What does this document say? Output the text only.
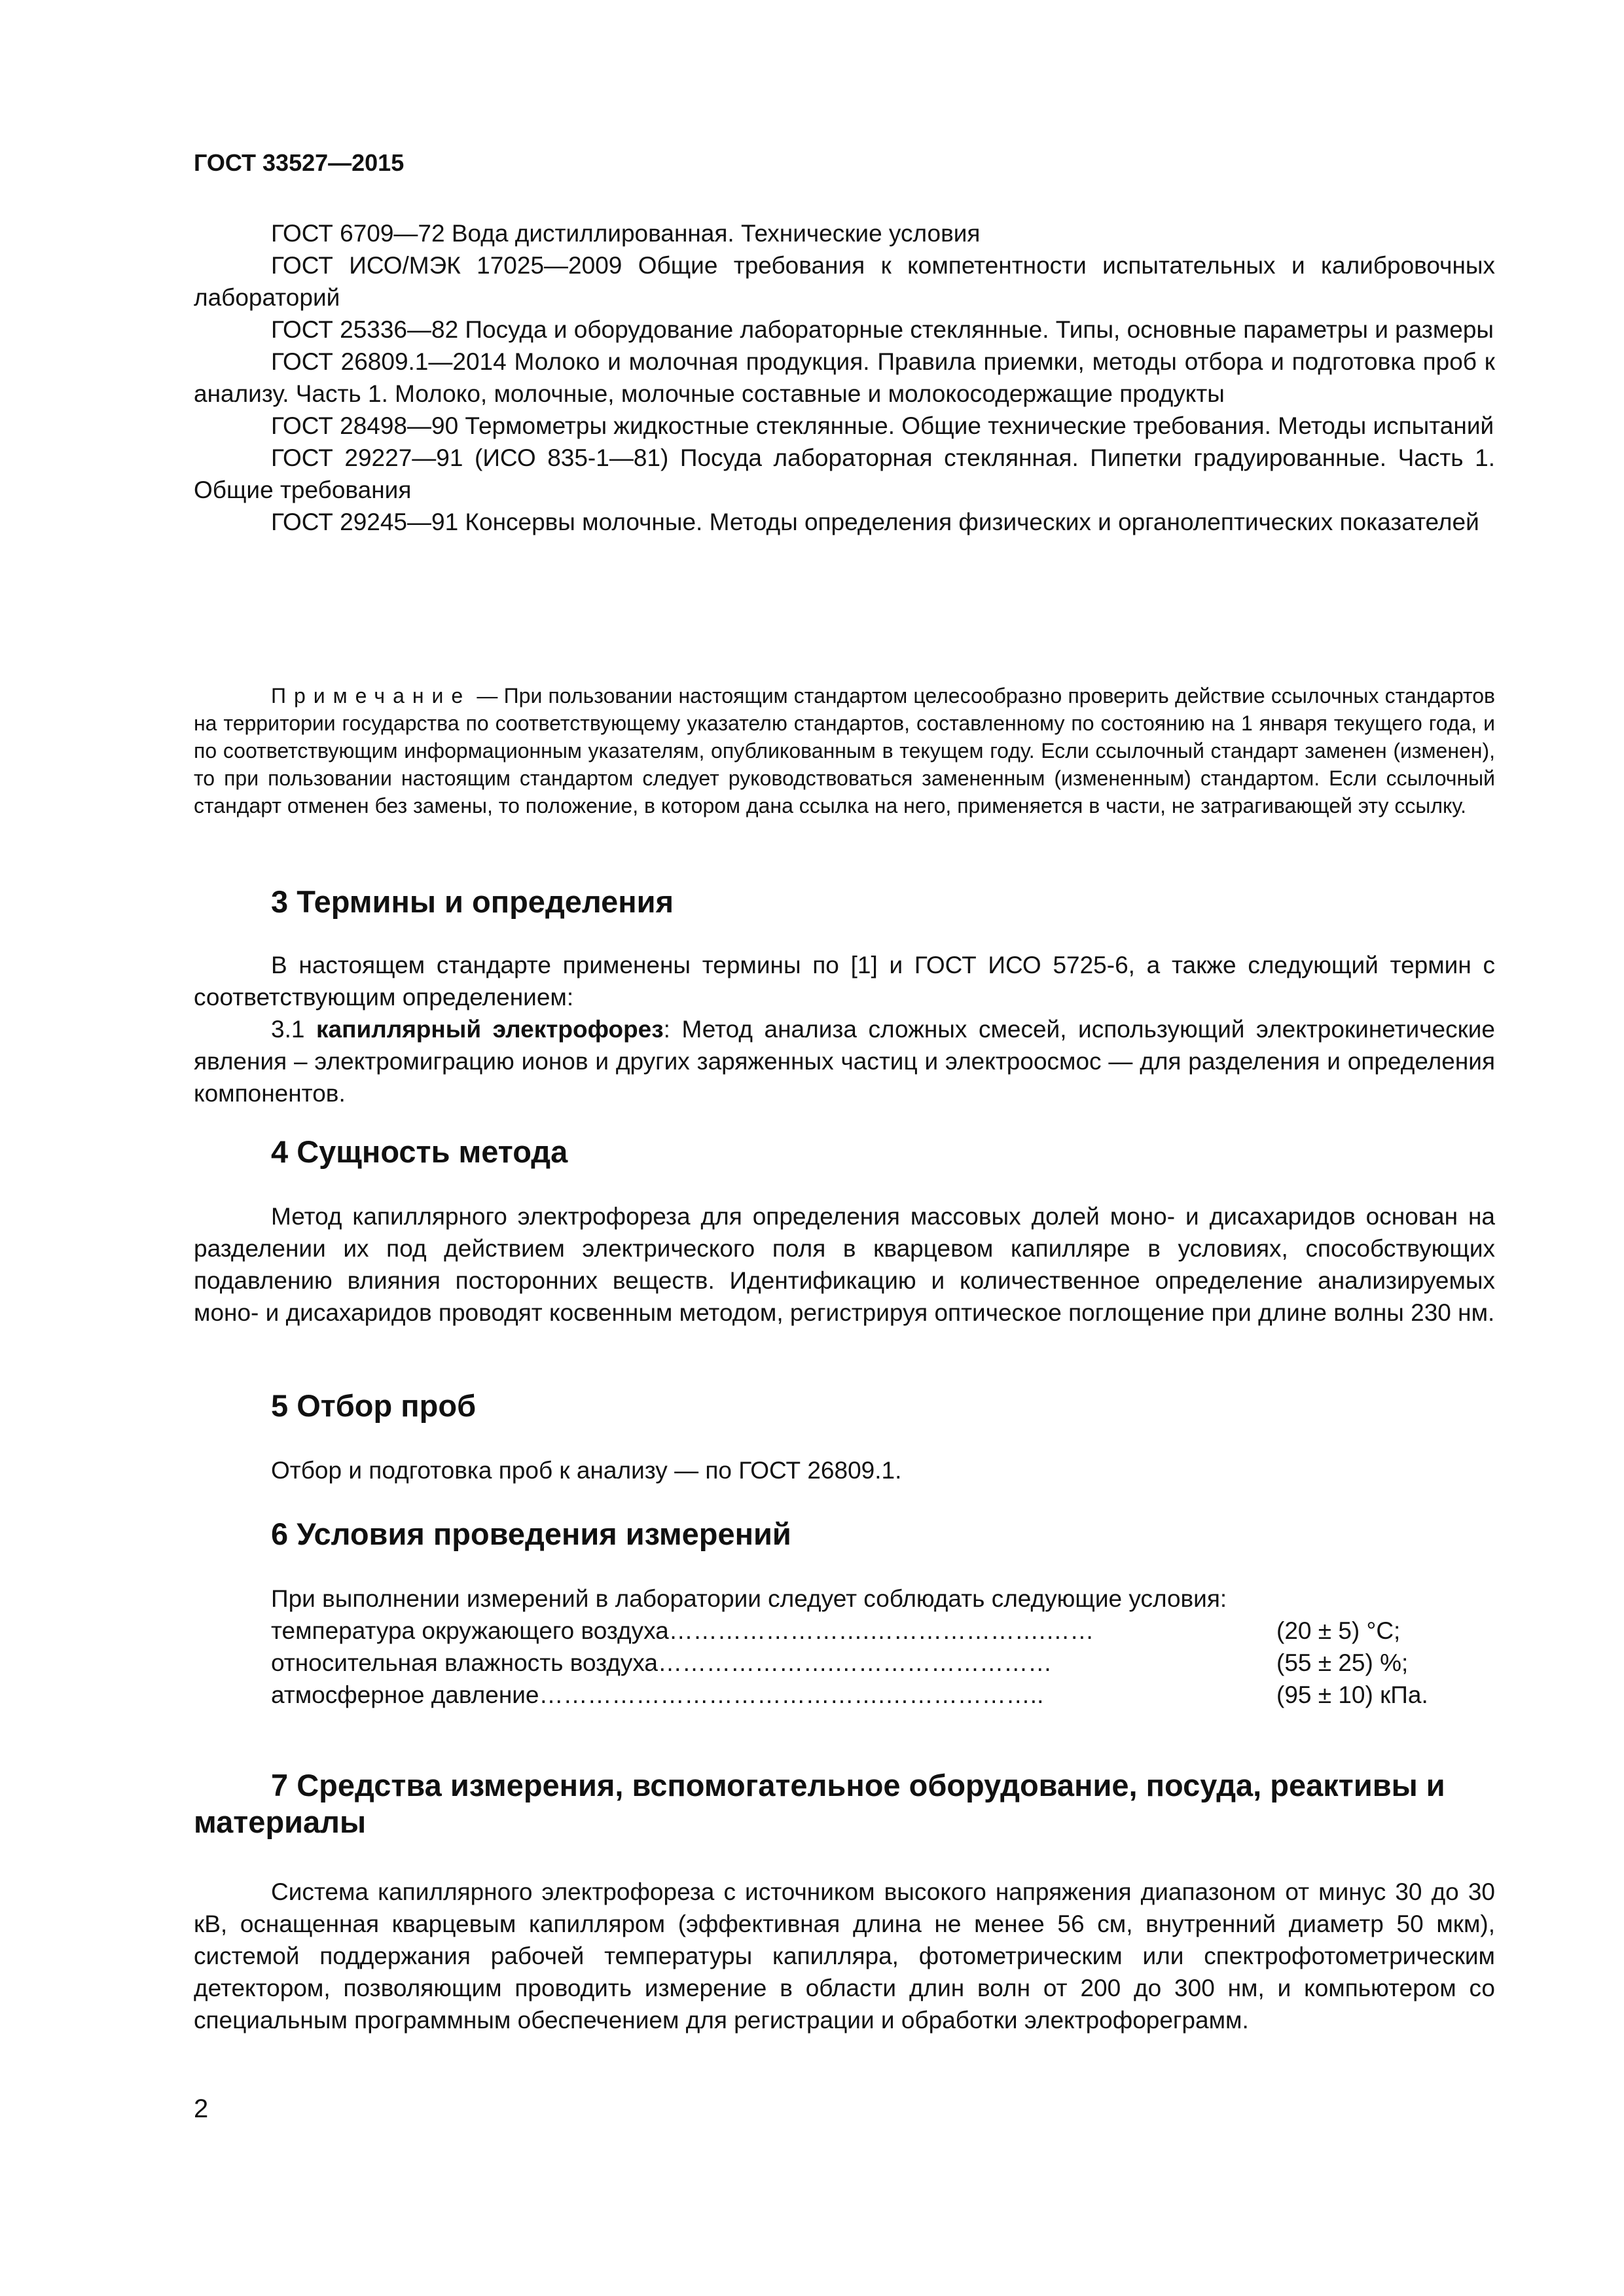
ГОСТ 33527—2015

ГОСТ 6709—72 Вода дистиллированная. Технические условия

ГОСТ ИСО/МЭК 17025—2009 Общие требования к компетентности испытательных и калибровочных лабораторий

ГОСТ 25336—82 Посуда и оборудование лабораторные стеклянные. Типы, основные параметры и размеры

ГОСТ 26809.1—2014 Молоко и молочная продукция. Правила приемки, методы отбора и подготовка проб к анализу. Часть 1. Молоко, молочные, молочные составные и молокосодержащие продукты

ГОСТ 28498—90 Термометры жидкостные стеклянные. Общие технические требования. Методы испытаний

ГОСТ 29227—91 (ИСО 835-1—81) Посуда лабораторная стеклянная. Пипетки градуированные. Часть 1. Общие требования

ГОСТ 29245—91 Консервы молочные. Методы определения физических и органолептических показателей

Примечание — При пользовании настоящим стандартом целесообразно проверить действие ссылочных стандартов на территории государства по соответствующему указателю стандартов, составленному по состоянию на 1 января текущего года, и по соответствующим информационным указателям, опубликованным в текущем году. Если ссылочный стандарт заменен (изменен), то при пользовании настоящим стандартом следует руководствоваться замененным (измененным) стандартом. Если ссылочный стандарт отменен без замены, то положение, в котором дана ссылка на него, применяется в части, не затрагивающей эту ссылку.

3 Термины и определения

В настоящем стандарте применены термины по [1] и ГОСТ ИСО 5725-6, а также следующий термин с соответствующим определением:

3.1 капиллярный электрофорез: Метод анализа сложных смесей, использующий электрокинетические явления – электромиграцию ионов и других заряженных частиц и электроосмос — для разделения и определения компонентов.

4 Сущность метода

Метод капиллярного электрофореза для определения массовых долей моно- и дисахаридов основан на разделении их под действием электрического поля в кварцевом капилляре в условиях, способствующих подавлению влияния посторонних веществ. Идентификацию и количественное определение анализируемых моно- и дисахаридов проводят косвенным методом, регистрируя оптическое поглощение при длине волны 230 нм.

5 Отбор проб

Отбор и подготовка проб к анализу — по ГОСТ 26809.1.

6 Условия проведения измерений

При выполнении измерений в лаборатории следует соблюдать следующие условия:

температура окружающего воздуха…………………….………………….……	(20 ± 5) °С;
относительная влажность воздуха………………….………………………	(55 ± 25) %;
атмосферное давление…………………………………….………………..	(95 ± 10) кПа.
7 Средства измерения, вспомогательное оборудование, посуда, реактивы и материалы

Система капиллярного электрофореза с источником высокого напряжения диапазоном от минус 30 до 30 кВ, оснащенная кварцевым капилляром (эффективная длина не менее 56 см, внутренний диаметр 50 мкм), системой поддержания рабочей температуры капилляра, фотометрическим или спектрофотометрическим детектором, позволяющим проводить измерение в области длин волн от 200 до 300 нм, и компьютером со специальным программным обеспечением для регистрации и обработки электрофореграмм.

2
